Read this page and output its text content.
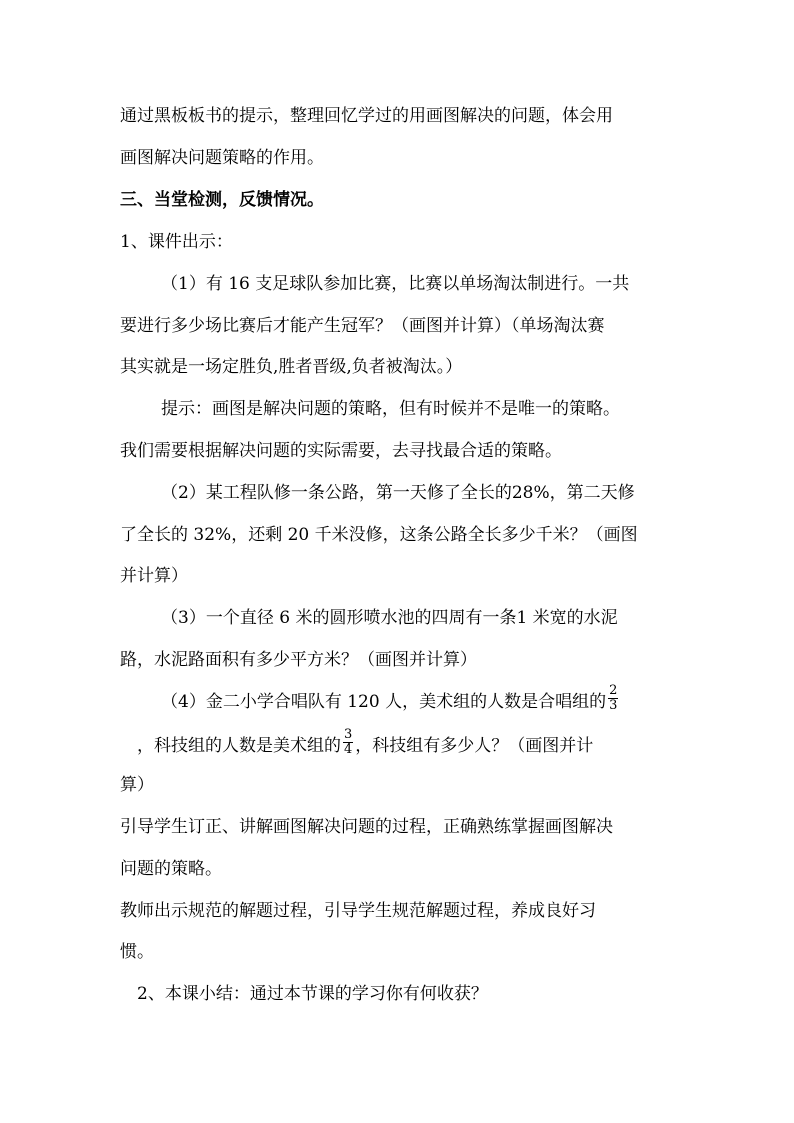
通过黑板板书的提示，整理回忆学过的用画图解决的问题，体会用
画图解决问题策略的作用。
三、当堂检测，反馈情况。
1、课件出示：
（1）有 16 支足球队参加比赛，比赛以单场淘汰制进行。一共
要进行多少场比赛后才能产生冠军？（画图并计算）（单场淘汰赛
其实就是一场定胜负,胜者晋级,负者被淘汰。）
提示：画图是解决问题的策略，但有时候并不是唯一的策略。
我们需要根据解决问题的实际需要，去寻找最合适的策略。
（2）某工程队修一条公路，第一天修了全长的28%，第二天修
了全长的 32%，还剩 20 千米没修，这条公路全长多少千米？（画图
并计算）
（3）一个直径 6 米的圆形喷水池的四周有一条1 米宽的水泥
路，水泥路面积有多少平方米？（画图并计算）
（4）金二小学合唱队有 120 人，美术组的人数是合唱组的 $\frac{2}{3}$
，科技组的人数是美术组的 $\frac{3}{4}$ ，科技组有多少人？（画图并计
算）
引导学生订正、讲解画图解决问题的过程，正确熟练掌握画图解决
问题的策略。
教师出示规范的解题过程，引导学生规范解题过程，养成良好习
惯。
2、本课小结：通过本节课的学习你有何收获？
